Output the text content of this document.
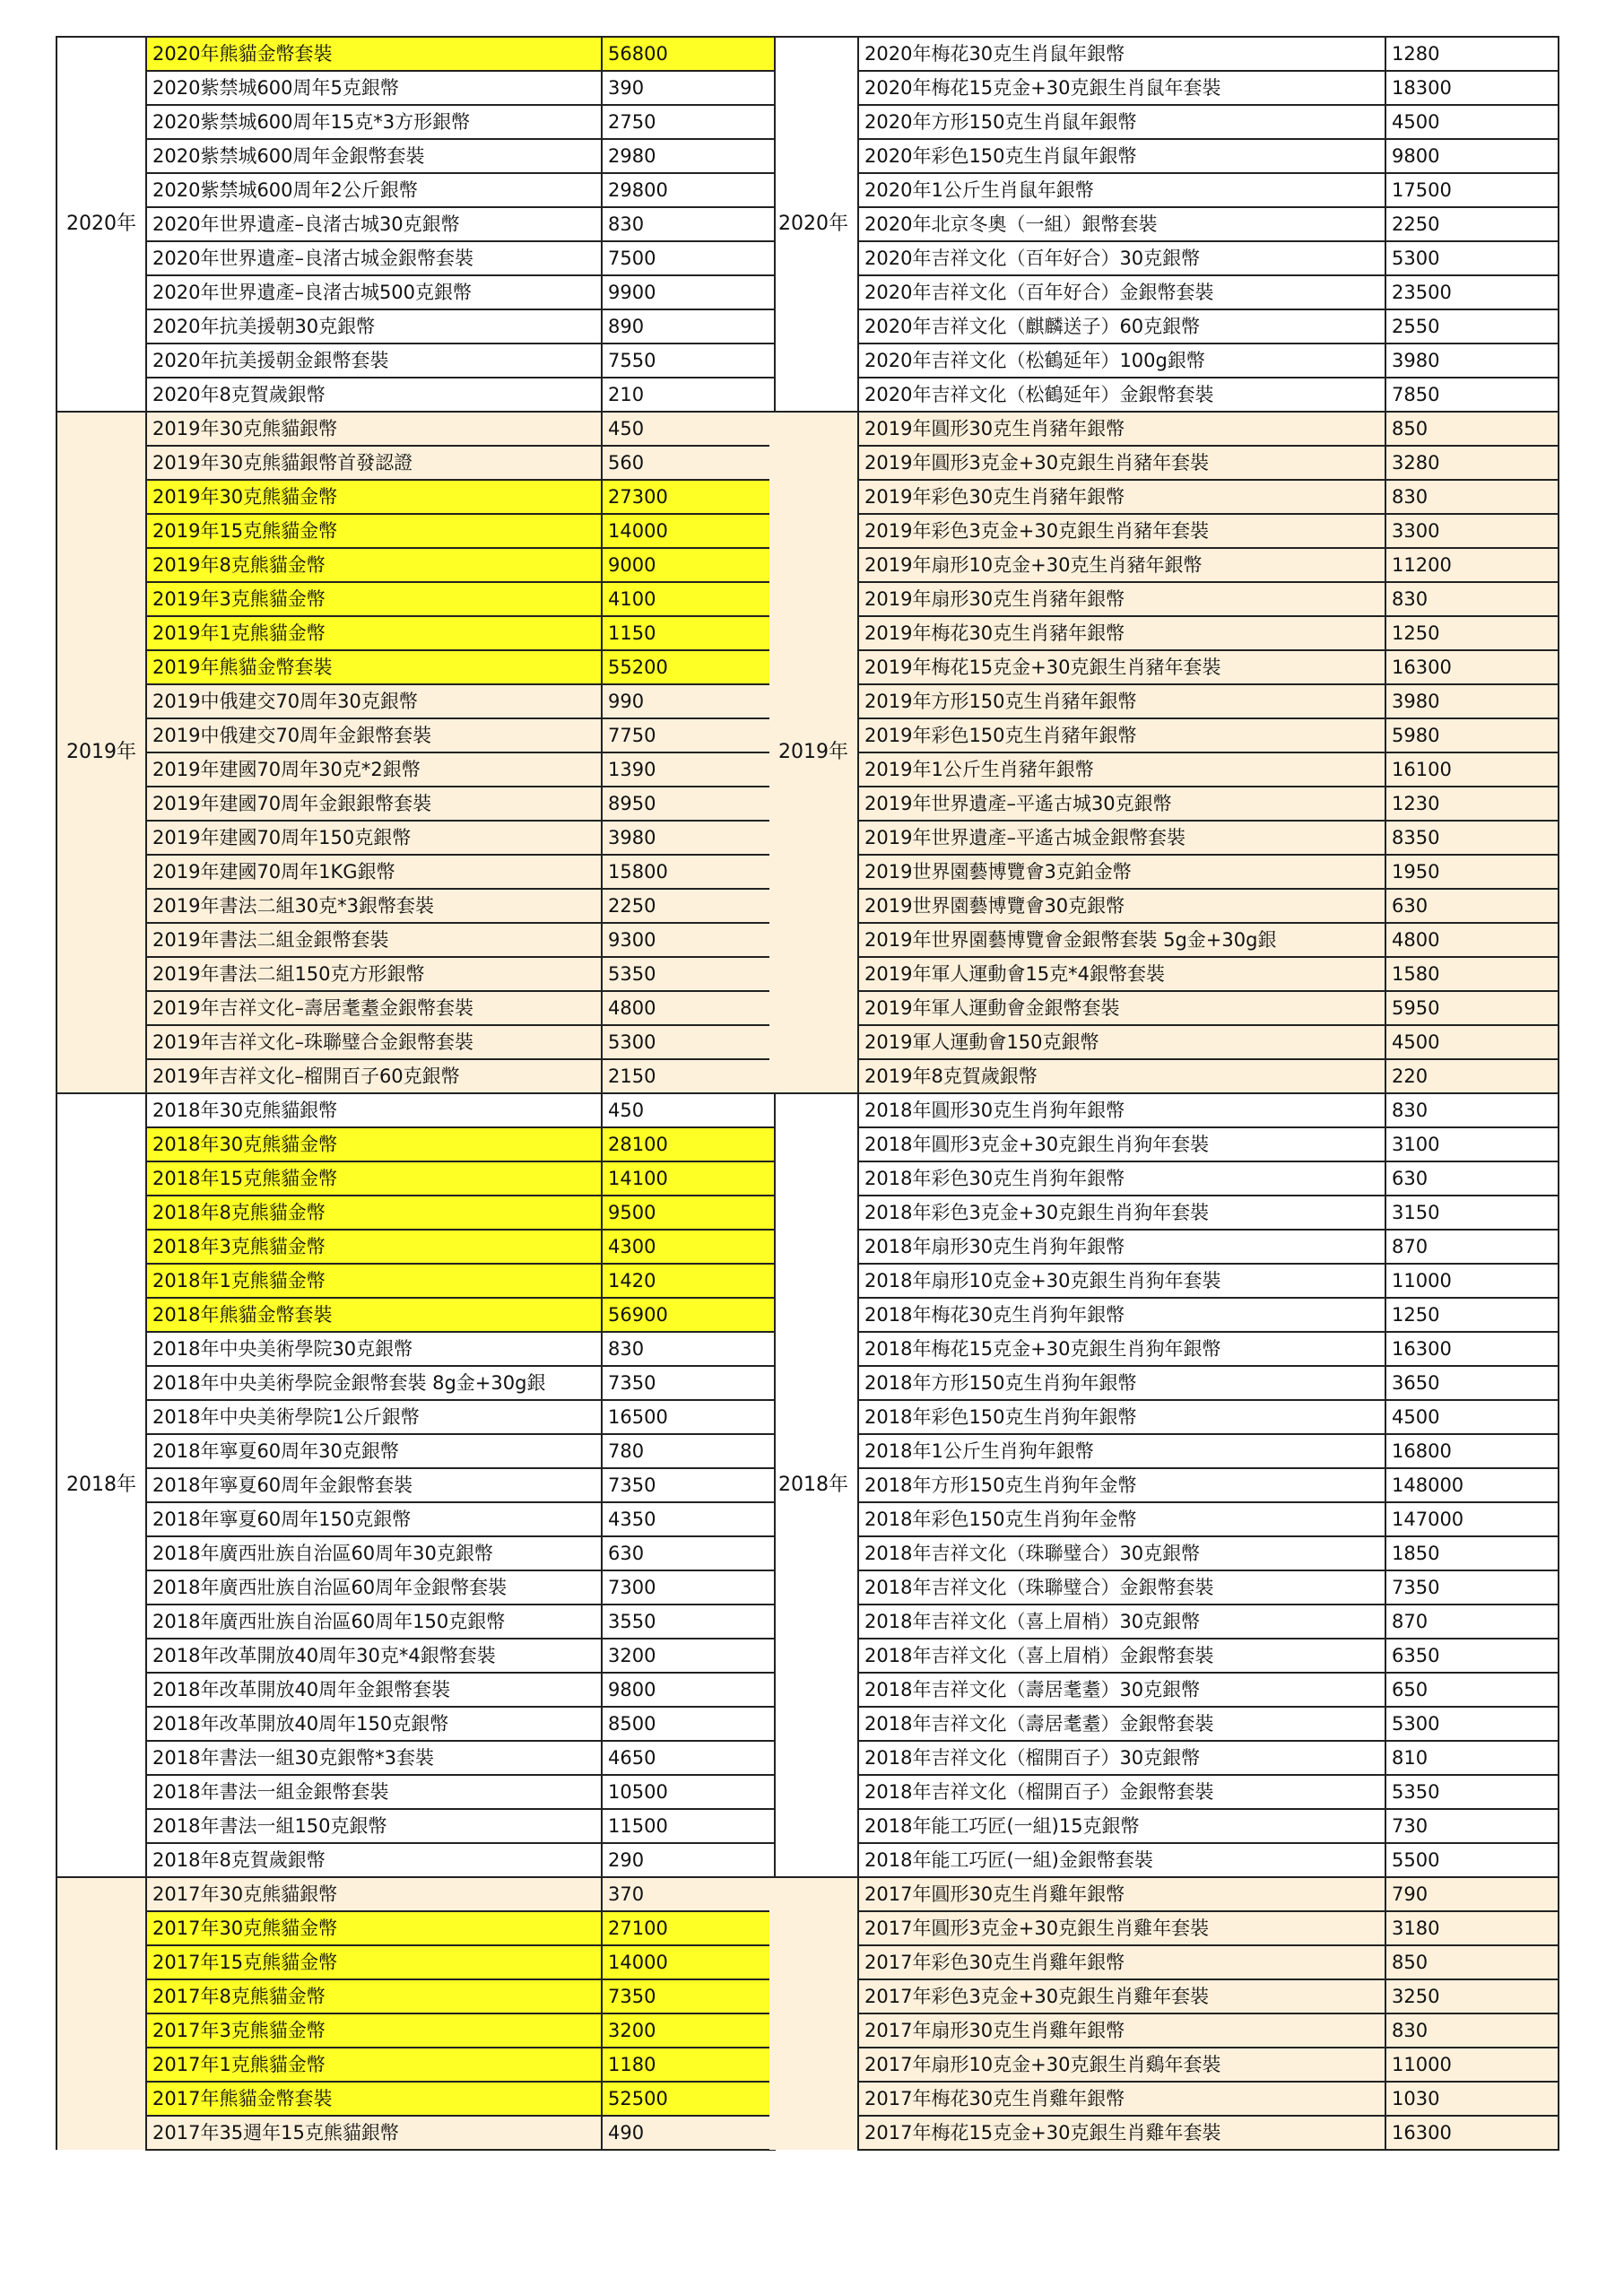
2020年	2020年熊貓金幣套裝	56800
	2020紫禁城600周年5克銀幣	390
	2020紫禁城600周年15克*3方形銀幣	2750
	2020紫禁城600周年金銀幣套裝	2980
	2020紫禁城600周年2公斤銀幣	29800
	2020年世界遺產–良渚古城30克銀幣	830
	2020年世界遺產–良渚古城金銀幣套裝	7500
	2020年世界遺產–良渚古城500克銀幣	9900
	2020年抗美援朝30克銀幣	890
	2020年抗美援朝金銀幣套裝	7550
	2020年8克賀歲銀幣	210
2019年	2019年30克熊貓銀幣	450
	2019年30克熊貓銀幣首發認證	560
	2019年30克熊貓金幣	27300
	2019年15克熊貓金幣	14000
	2019年8克熊貓金幣	9000
	2019年3克熊貓金幣	4100
	2019年1克熊貓金幣	1150
	2019年熊貓金幣套裝	55200
	2019中俄建交70周年30克銀幣	990
	2019中俄建交70周年金銀幣套裝	7750
	2019年建國70周年30克*2銀幣	1390
	2019年建國70周年金銀銀幣套裝	8950
	2019年建國70周年150克銀幣	3980
	2019年建國70周年1KG銀幣	15800
	2019年書法二組30克*3銀幣套裝	2250
	2019年書法二組金銀幣套裝	9300
	2019年書法二組150克方形銀幣	5350
	2019年吉祥文化–壽居耄耋金銀幣套裝	4800
	2019年吉祥文化–珠聯璧合金銀幣套裝	5300
	2019年吉祥文化–榴開百子60克銀幣	2150
2018年	2018年30克熊貓銀幣	450
	2018年30克熊貓金幣	28100
	2018年15克熊貓金幣	14100
	2018年8克熊貓金幣	9500
	2018年3克熊貓金幣	4300
	2018年1克熊貓金幣	1420
	2018年熊貓金幣套裝	56900
	2018年中央美術學院30克銀幣	830
	2018年中央美術學院金銀幣套裝 8g金+30g銀	7350
	2018年中央美術學院1公斤銀幣	16500
	2018年寧夏60周年30克銀幣	780
	2018年寧夏60周年金銀幣套裝	7350
	2018年寧夏60周年150克銀幣	4350
	2018年廣西壯族自治區60周年30克銀幣	630
	2018年廣西壯族自治區60周年金銀幣套裝	7300
	2018年廣西壯族自治區60周年150克銀幣	3550
	2018年改革開放40周年30克*4銀幣套裝	3200
	2018年改革開放40周年金銀幣套裝	9800
	2018年改革開放40周年150克銀幣	8500
	2018年書法一組30克銀幣*3套裝	4650
	2018年書法一組金銀幣套裝	10500
	2018年書法一組150克銀幣	11500
	2018年8克賀歲銀幣	290
	2017年30克熊貓銀幣	370
	2017年30克熊貓金幣	27100
	2017年15克熊貓金幣	14000
	2017年8克熊貓金幣	7350
	2017年3克熊貓金幣	3200
	2017年1克熊貓金幣	1180
	2017年熊貓金幣套裝	52500
	2017年35週年15克熊貓銀幣	490
2020年	2020年梅花30克生肖鼠年銀幣	1280
	2020年梅花15克金+30克銀生肖鼠年套裝	18300
	2020年方形150克生肖鼠年銀幣	4500
	2020年彩色150克生肖鼠年銀幣	9800
	2020年1公斤生肖鼠年銀幣	17500
	2020年北京冬奧（一組）銀幣套裝	2250
	2020年吉祥文化（百年好合）30克銀幣	5300
	2020年吉祥文化（百年好合）金銀幣套裝	23500
	2020年吉祥文化（麒麟送子）60克銀幣	2550
	2020年吉祥文化（松鶴延年）100g銀幣	3980
	2020年吉祥文化（松鶴延年）金銀幣套裝	7850
2019年	2019年圓形30克生肖豬年銀幣	850
	2019年圓形3克金+30克銀生肖豬年套裝	3280
	2019年彩色30克生肖豬年銀幣	830
	2019年彩色3克金+30克銀生肖豬年套裝	3300
	2019年扇形10克金+30克生肖豬年銀幣	11200
	2019年扇形30克生肖豬年銀幣	830
	2019年梅花30克生肖豬年銀幣	1250
	2019年梅花15克金+30克銀生肖豬年套裝	16300
	2019年方形150克生肖豬年銀幣	3980
	2019年彩色150克生肖豬年銀幣	5980
	2019年1公斤生肖豬年銀幣	16100
	2019年世界遺產–平遙古城30克銀幣	1230
	2019年世界遺產–平遙古城金銀幣套裝	8350
	2019世界園藝博覽會3克鉑金幣	1950
	2019世界園藝博覽會30克銀幣	630
	2019年世界園藝博覽會金銀幣套裝 5g金+30g銀	4800
	2019年軍人運動會15克*4銀幣套裝	1580
	2019年軍人運動會金銀幣套裝	5950
	2019軍人運動會150克銀幣	4500
	2019年8克賀歲銀幣	220
2018年	2018年圓形30克生肖狗年銀幣	830
	2018年圓形3克金+30克銀生肖狗年套裝	3100
	2018年彩色30克生肖狗年銀幣	630
	2018年彩色3克金+30克銀生肖狗年套裝	3150
	2018年扇形30克生肖狗年銀幣	870
	2018年扇形10克金+30克銀生肖狗年套裝	11000
	2018年梅花30克生肖狗年銀幣	1250
	2018年梅花15克金+30克銀生肖狗年銀幣	16300
	2018年方形150克生肖狗年銀幣	3650
	2018年彩色150克生肖狗年銀幣	4500
	2018年1公斤生肖狗年銀幣	16800
	2018年方形150克生肖狗年金幣	148000
	2018年彩色150克生肖狗年金幣	147000
	2018年吉祥文化（珠聯璧合）30克銀幣	1850
	2018年吉祥文化（珠聯璧合）金銀幣套裝	7350
	2018年吉祥文化（喜上眉梢）30克銀幣	870
	2018年吉祥文化（喜上眉梢）金銀幣套裝	6350
	2018年吉祥文化（壽居耄耋）30克銀幣	650
	2018年吉祥文化（壽居耄耋）金銀幣套裝	5300
	2018年吉祥文化（榴開百子）30克銀幣	810
	2018年吉祥文化（榴開百子）金銀幣套裝	5350
	2018年能工巧匠(一組)15克銀幣	730
	2018年能工巧匠(一組)金銀幣套裝	5500
	2017年圓形30克生肖雞年銀幣	790
	2017年圓形3克金+30克銀生肖雞年套裝	3180
	2017年彩色30克生肖雞年銀幣	850
	2017年彩色3克金+30克銀生肖雞年套裝	3250
	2017年扇形30克生肖雞年銀幣	830
	2017年扇形10克金+30克銀生肖鷄年套裝	11000
	2017年梅花30克生肖雞年銀幣	1030
	2017年梅花15克金+30克銀生肖雞年套裝	16300
